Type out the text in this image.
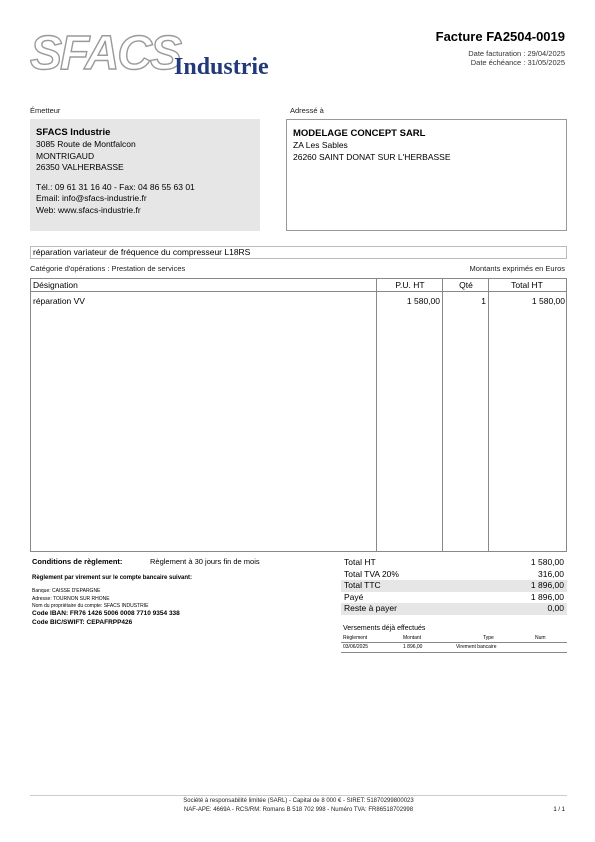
SFACS
Industrie
Facture FA2504-0019
Date facturation : 29/04/2025
Date échéance : 31/05/2025
Émetteur	Adressé à
SFACS Industrie
3085 Route de Montfalcon
MONTRIGAUD
26350 VALHERBASSE
Tél.: 09 61 31 16 40 - Fax: 04 86 55 63 01
Email: info@sfacs-industrie.fr
Web: www.sfacs-industrie.fr
MODELAGE CONCEPT SARL
ZA Les Sables
26260 SAINT DONAT SUR L'HERBASSE
réparation variateur de fréquence du compresseur L18RS
Catégorie d'opérations : Prestation de services	Montants exprimés en Euros
Désignation	P.U. HT	Qté	Total HT
réparation VV	1 580,00	1	1 580,00
Conditions de règlement:	Règlement à 30 jours fin de mois
Règlement par virement sur le compte bancaire suivant:
Banque: CAISSE D'EPARGNE
Adresse: TOURNON SUR RHONE
Nom du propriétaire du compte: SFACS INDUSTRIE
Code IBAN: FR76 1426 5006 0008 7710 9354 338
Code BIC/SWIFT: CEPAFRPP426
Total HT	1 580,00
Total TVA 20%	316,00
Total TTC	1 896,00
Payé	1 896,00
Reste à payer	0,00
Versements déjà effectués
Règlement	Montant	Type	Num
03/06/2025	1 896,00	Virement bancaire
Société à responsabilité limitée (SARL) - Capital de 8 000 € - SIRET: 51870299800023
NAF-APE: 4669A - RCS/RM: Romans B 518 702 998 - Numéro TVA: FR86518702998	1 / 1
